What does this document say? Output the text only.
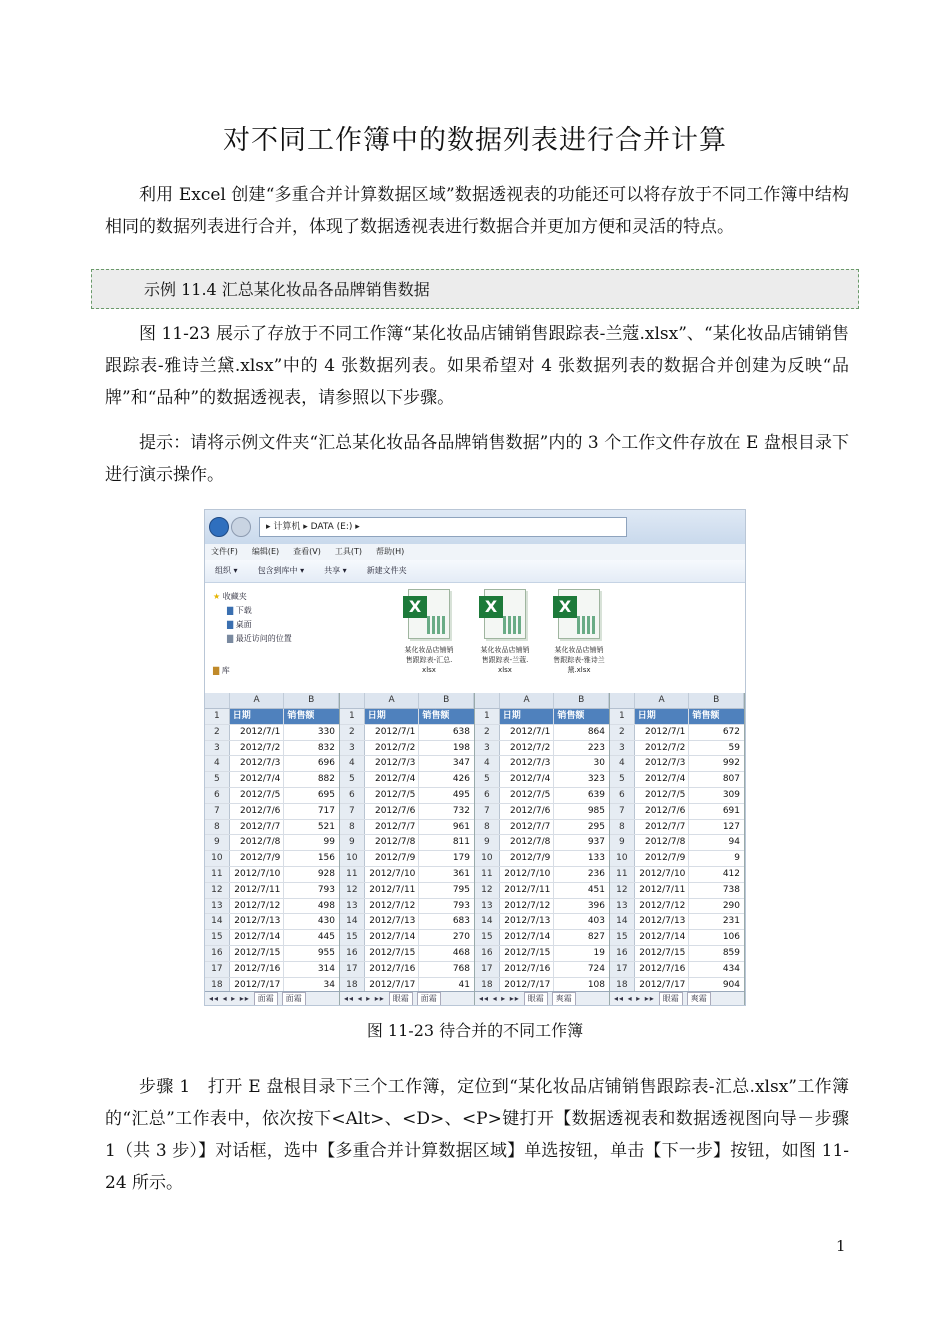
对不同工作簿中的数据列表进行合并计算

利用 Excel 创建“多重合并计算数据区域”数据透视表的功能还可以将存放于不同工作簿中结构相同的数据列表进行合并，体现了数据透视表进行数据合并更加方便和灵活的特点。

示例 11.4 汇总某化妆品各品牌销售数据

图 11-23 展示了存放于不同工作簿“某化妆品店铺销售跟踪表-兰蔻.xlsx”、“某化妆品店铺销售跟踪表-雅诗兰黛.xlsx”中的 4 张数据列表。如果希望对 4 张数据列表的数据合并创建为反映“品牌”和“品种”的数据透视表，请参照以下步骤。

提示：请将示例文件夹“汇总某化妆品各品牌销售数据”内的 3 个工作文件存放在 E 盘根目录下进行演示操作。

▸ 计算机 ▸ DATA (E:) ▸
文件(F) 编辑(E) 查看(V) 工具(T) 帮助(H)
组织 ▾	包含到库中 ▾	共享 ▾	新建文件夹
★ 收藏夹
▇ 下载
▇ 桌面
▇ 最近访问的位置
▇ 库
X
某化妆品店铺销
售跟踪表-汇总.
xlsx
X
某化妆品店铺销
售跟踪表-兰蔻.
xlsx
X
某化妆品店铺销
售跟踪表-雅诗兰
黛.xlsx
A	B
1	日期	销售额
2	2012/7/1	330
3	2012/7/2	832
4	2012/7/3	696
5	2012/7/4	882
6	2012/7/5	695
7	2012/7/6	717
8	2012/7/7	521
9	2012/7/8	99
10	2012/7/9	156
11	2012/7/10	928
12	2012/7/11	793
13	2012/7/12	498
14	2012/7/13	430
15	2012/7/14	445
16	2012/7/15	955
17	2012/7/16	314
18	2012/7/17	34
◂◂ ◂ ▸ ▸▸	面霜	面霜
A	B
1	日期	销售额
2	2012/7/1	638
3	2012/7/2	198
4	2012/7/3	347
5	2012/7/4	426
6	2012/7/5	495
7	2012/7/6	732
8	2012/7/7	961
9	2012/7/8	811
10	2012/7/9	179
11	2012/7/10	361
12	2012/7/11	795
13	2012/7/12	793
14	2012/7/13	683
15	2012/7/14	270
16	2012/7/15	468
17	2012/7/16	768
18	2012/7/17	41
◂◂ ◂ ▸ ▸▸	眼霜	面霜
A	B
1	日期	销售额
2	2012/7/1	864
3	2012/7/2	223
4	2012/7/3	30
5	2012/7/4	323
6	2012/7/5	639
7	2012/7/6	985
8	2012/7/7	295
9	2012/7/8	937
10	2012/7/9	133
11	2012/7/10	236
12	2012/7/11	451
13	2012/7/12	396
14	2012/7/13	403
15	2012/7/14	827
16	2012/7/15	19
17	2012/7/16	724
18	2012/7/17	108
◂◂ ◂ ▸ ▸▸	眼霜	爽霜
A	B
1	日期	销售额
2	2012/7/1	672
3	2012/7/2	59
4	2012/7/3	992
5	2012/7/4	807
6	2012/7/5	309
7	2012/7/6	691
8	2012/7/7	127
9	2012/7/8	94
10	2012/7/9	9
11	2012/7/10	412
12	2012/7/11	738
13	2012/7/12	290
14	2012/7/13	231
15	2012/7/14	106
16	2012/7/15	859
17	2012/7/16	434
18	2012/7/17	904
◂◂ ◂ ▸ ▸▸	眼霜	爽霜
图 11-23 待合并的不同工作簿

步骤 1　打开 E 盘根目录下三个工作簿，定位到“某化妆品店铺销售跟踪表-汇总.xlsx”工作簿的“汇总”工作表中，依次按下<Alt>、<D>、<P>键打开【数据透视表和数据透视图向导－步骤 1（共 3 步）】对话框，选中【多重合并计算数据区域】单选按钮，单击【下一步】按钮，如图 11-24 所示。

1
